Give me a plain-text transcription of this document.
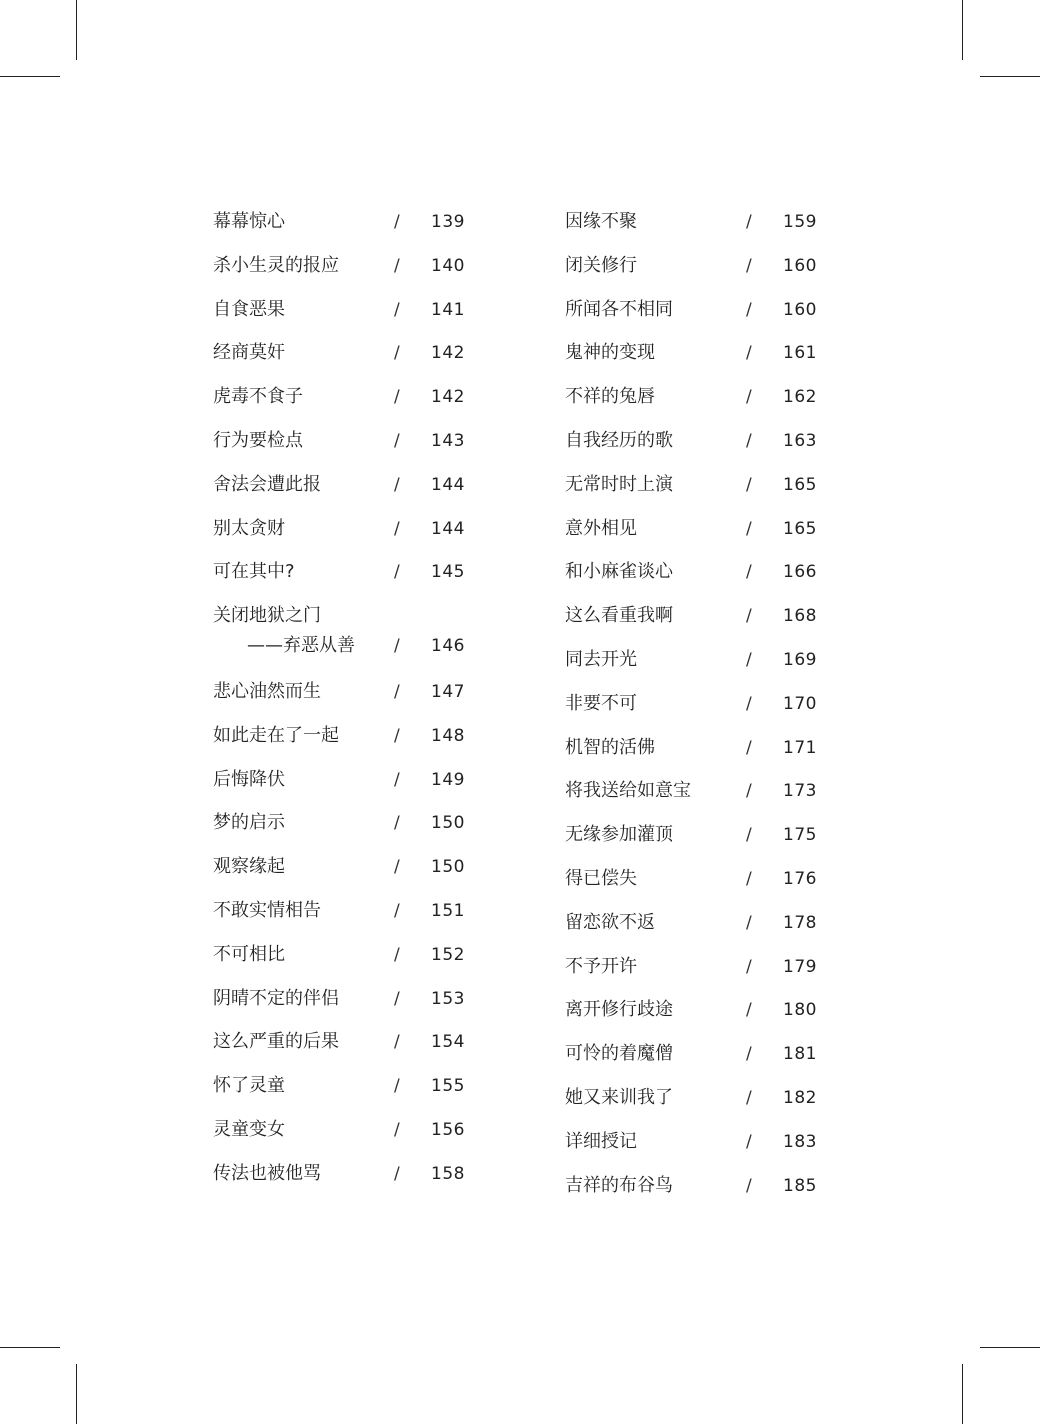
幕幕惊心	/ 139
杀小生灵的报应	/ 140
自食恶果	/ 141
经商莫奸	/ 142
虎毒不食子	/ 142
行为要检点	/ 143
舍法会遭此报	/ 144
别太贪财	/ 144
可在其中?	/ 145
关闭地狱之门
——弃恶从善 / 146
悲心油然而生	/ 147
如此走在了一起	/ 148
后悔降伏	/ 149
梦的启示	/ 150
观察缘起	/ 150
不敢实情相告	/ 151
不可相比	/ 152
阴晴不定的伴侣	/ 153
这么严重的后果	/ 154
怀了灵童	/ 155
灵童变女	/ 156
传法也被他骂	/ 158
因缘不聚	/ 159
闭关修行	/ 160
所闻各不相同	/ 160
鬼神的变现	/ 161
不祥的兔唇	/ 162
自我经历的歌	/ 163
无常时时上演	/ 165
意外相见	/ 165
和小麻雀谈心	/ 166
这么看重我啊	/ 168
同去开光	/ 169
非要不可	/ 170
机智的活佛	/ 171
将我送给如意宝	/ 173
无缘参加灌顶	/ 175
得已偿失	/ 176
留恋欲不返	/ 178
不予开许	/ 179
离开修行歧途	/ 180
可怜的着魔僧	/ 181
她又来训我了	/ 182
详细授记	/ 183
吉祥的布谷鸟	/ 185
